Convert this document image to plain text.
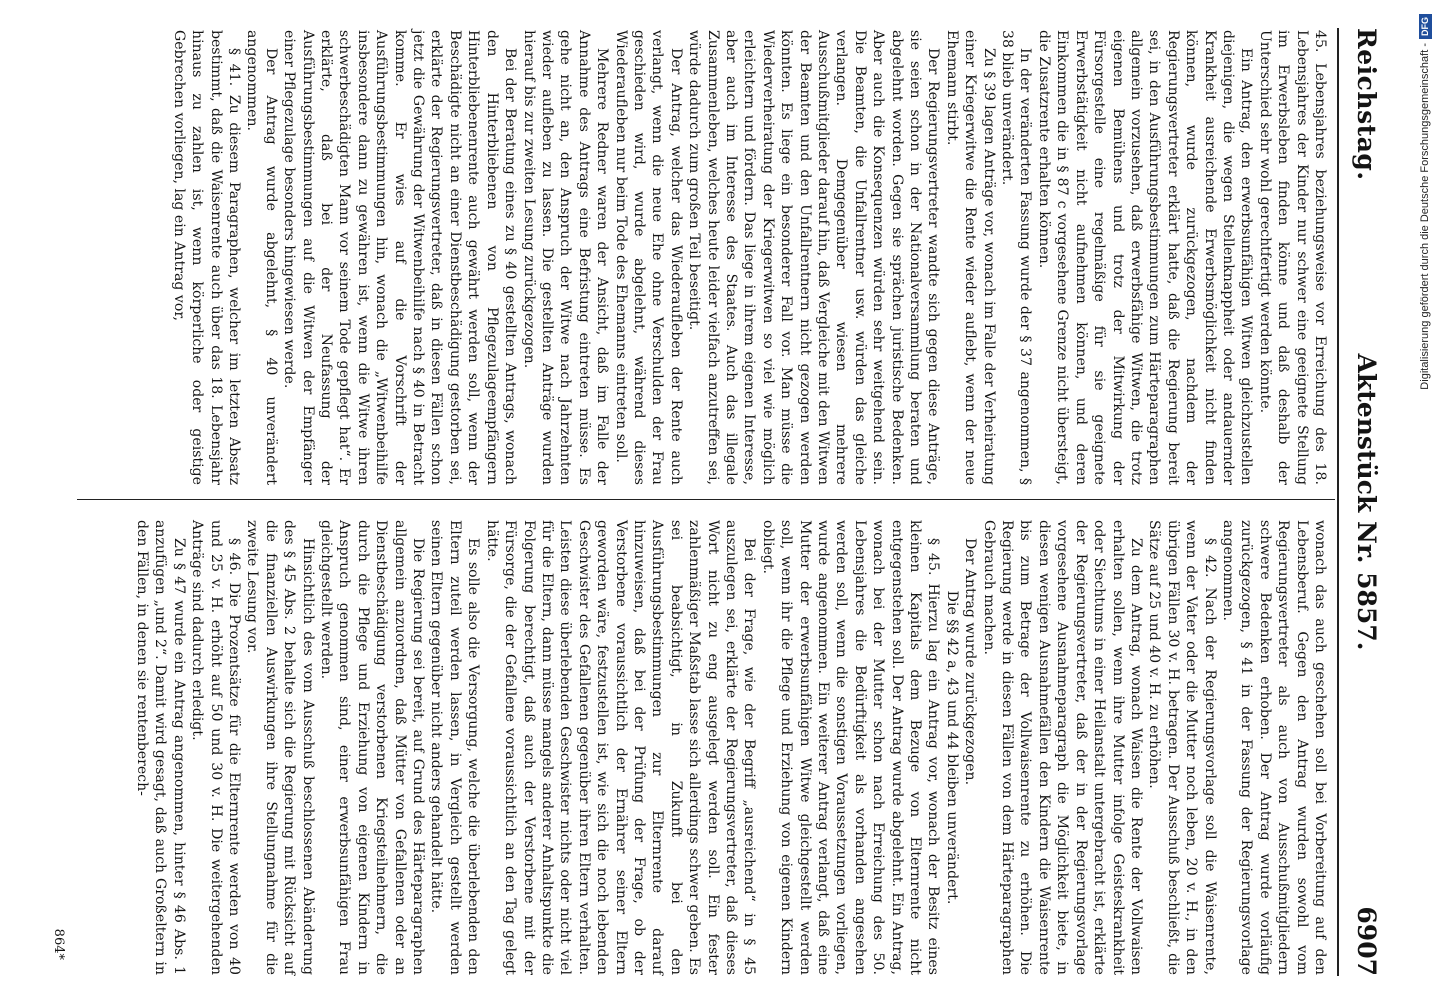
Reichstag.
Aktenstück Nr. 5857.
6907

45. Lebensjahres beziehungsweise vor Erreichung des 18. Lebensjahres der Kinder nur schwer eine geeignete Stellung im Erwerbsleben finden könne und daß deshalb der Unterschied sehr wohl gerechtfertigt werden könnte.

Ein Antrag, den erwerbsunfähigen Witwen gleichzustellen diejenigen, die wegen Stellenknappheit oder andauernder Krankheit ausreichende Erwerbsmöglichkeit nicht finden können, wurde zurückgezogen, nachdem der Regierungsvertreter erklärt hatte, daß die Regierung bereit sei, in den Ausführungsbestimmungen zum Härteparagraphen allgemein vorzusehen, daß erwerbsfähige Witwen, die trotz eigenen Bemühens und trotz der Mitwirkung der Fürsorgestelle eine regelmäßige für sie geeignete Erwerbstätigkeit nicht aufnehmen können, und deren Einkommen die in § 87 c vorgesehene Grenze nicht übersteigt, die Zusatzrente erhalten können.

In der veränderten Fassung wurde der § 37 angenommen, § 38 blieb unverändert.

Zu § 39 lagen Anträge vor, wonach im Falle der Verheiratung einer Kriegerwitwe die Rente wieder auflebt, wenn der neue Ehemann stirbt.

Der Regierungsvertreter wandte sich gegen diese Anträge, sie seien schon in der Nationalversammlung beraten und abgelehnt worden. Gegen sie sprächen juristische Bedenken. Aber auch die Konsequenzen würden sehr weitgehend sein. Die Beamten, die Unfallrentner usw. würden das gleiche verlangen. Demgegenüber wiesen mehrere Ausschußmitglieder darauf hin, daß Vergleiche mit den Witwen der Beamten und den Unfallrentnern nicht gezogen werden könnten. Es liege ein besonderer Fall vor. Man müsse die Wiederverheiratung der Kriegerwitwen so viel wie möglich erleichtern und fördern. Das liege in ihrem eigenen Interesse, aber auch im Interesse des Staates. Auch das illegale Zusammenleben, welches heute leider vielfach anzutreffen sei, würde dadurch zum großen Teil beseitigt.

Der Antrag, welcher das Wiederaufleben der Rente auch verlangt, wenn die neue Ehe ohne Verschulden der Frau geschieden wird, wurde abgelehnt, während dieses Wiederaufleben nur beim Tode des Ehemanns eintreten soll.

Mehrere Redner waren der Ansicht, daß im Falle der Annahme des Antrags eine Befristung eintreten müsse. Es gehe nicht an, den Anspruch der Witwe nach Jahrzehnten wieder aufleben zu lassen. Die gestellten Anträge wurden hierauf bis zur zweiten Lesung zurückgezogen.

Bei der Beratung eines zu § 40 gestellten Antrags, wonach den Hinterbliebenen von Pflegezulageempfängern Hinterbliebenenrente auch gewährt werden soll, wenn der Beschädigte nicht an einer Dienstbeschädigung gestorben sei, erklärte der Regierungsvertreter, daß in diesen Fällen schon jetzt die Gewährung der Witwenbeihilfe nach § 40 in Betracht komme. Er wies auf die Vorschrift der Ausführungsbestimmungen hin, wonach die „Witwenbeihilfe insbesondere dann zu gewähren ist, wenn die Witwe ihren schwerbeschädigten Mann vor seinem Tode gepflegt hat“. Er erklärte, daß bei der Neufassung der Ausführungsbestimmungen auf die Witwen der Empfänger einer Pflegezulage besonders hingewiesen werde.

Der Antrag wurde abgelehnt, § 40 unverändert angenommen.

§ 41. Zu diesem Paragraphen, welcher im letzten Absatz bestimmt, daß die Waisenrente auch über das 18. Lebensjahr hinaus zu zahlen ist, wenn körperliche oder geistige Gebrechen vorliegen, lag ein Antrag vor,

wonach das auch geschehen soll bei Vorbereitung auf den Lebensberuf. Gegen den Antrag wurden sowohl vom Regierungsvertreter als auch von Ausschußmitgliedern schwere Bedenken erhoben. Der Antrag wurde vorläufig zurückgezogen, § 41 in der Fassung der Regierungsvorlage angenommen.

§ 42. Nach der Regierungsvorlage soll die Waisenrente, wenn der Vater oder die Mutter noch leben, 20 v. H., in den übrigen Fällen 30 v. H. betragen. Der Ausschuß beschließt, die Sätze auf 25 und 40 v. H. zu erhöhen.

Zu dem Antrag, wonach Waisen die Rente der Vollwaisen erhalten sollen, wenn ihre Mutter infolge Geisteskrankheit oder Siechtums in einer Heilanstalt untergebracht ist, erklärte der Regierungsvertreter, daß der in der Regierungsvorlage vorgesehene Ausnahmeparagraph die Möglichkeit biete, in diesen wenigen Ausnahmefällen den Kindern die Waisenrente bis zum Betrage der Vollwaisenrente zu erhöhen. Die Regierung werde in diesen Fällen von dem Härteparagraphen Gebrauch machen.

Der Antrag wurde zurückgezogen.

Die §§ 42 a, 43 und 44 bleiben unverändert.

§ 45. Hierzu lag ein Antrag vor, wonach der Besitz eines kleinen Kapitals dem Bezuge von Elternrente nicht entgegenstehen soll. Der Antrag wurde abgelehnt. Ein Antrag, wonach bei der Mutter schon nach Erreichung des 50. Lebensjahres die Bedürftigkeit als vorhanden angesehen werden soll, wenn die sonstigen Voraussetzungen vorliegen, wurde angenommen. Ein weiterer Antrag verlangt, daß eine Mutter der erwerbsunfähigen Witwe gleichgestellt werden soll, wenn ihr die Pflege und Erziehung von eigenen Kindern obliegt.

Bei der Frage, wie der Begriff „ausreichend“ in § 45 auszulegen sei, erklärte der Regierungsvertreter, daß dieses Wort nicht zu eng ausgelegt werden soll. Ein fester zahlenmäßiger Maßstab lasse sich allerdings schwer geben. Es sei beabsichtigt, in Zukunft bei den Ausführungsbestimmungen zur Elternrente darauf hinzuweisen, daß bei der Prüfung der Frage, ob der Verstorbene voraussichtlich der Ernährer seiner Eltern geworden wäre, festzustellen ist, wie sich die noch lebenden Geschwister des Gefallenen gegenüber ihren Eltern verhalten. Leisten diese überlebenden Geschwister nichts oder nicht viel für die Eltern, dann müsse mangels anderer Anhaltspunkte die Folgerung berechtigt, daß auch der Verstorbene mit der Fürsorge, die der Gefallene voraussichtlich an den Tag gelegt hätte.

Es solle also die Versorgung, welche die überlebenden den Eltern zuteil werden lassen, in Vergleich gestellt werden seinen Eltern gegenüber nicht anders gehandelt hätte.

Die Regierung sei bereit, auf Grund des Härteparagraphen allgemein anzuordnen, daß Mütter von Gefallenen oder an Dienstbeschädigung verstorbenen Kriegsteilnehmern, die durch die Pflege und Erziehung von eigenen Kindern in Anspruch genommen sind, einer erwerbsunfähigen Frau gleichgestellt werden.

Hinsichtlich des vom Ausschuß beschlossenen Abänderung des § 45 Abs. 2 behalte sich die Regierung mit Rücksicht auf die finanziellen Auswirkungen ihre Stellungnahme für die zweite Lesung vor.

§ 46. Die Prozentsätze für die Elternrente werden von 40 und 25 v. H. erhöht auf 50 und 30 v. H. Die weitergehenden Anträge sind dadurch erledigt.

Zu § 47 wurde ein Antrag angenommen, hinter § 46 Abs. 1 anzufügen „und 2“. Damit wird gesagt, daß auch Großeltern in den Fällen, in denen sie rentenberech-

864*
Digitalisierung gefördert durch die Deutsche Forschungsgemeinschaft -DFG
